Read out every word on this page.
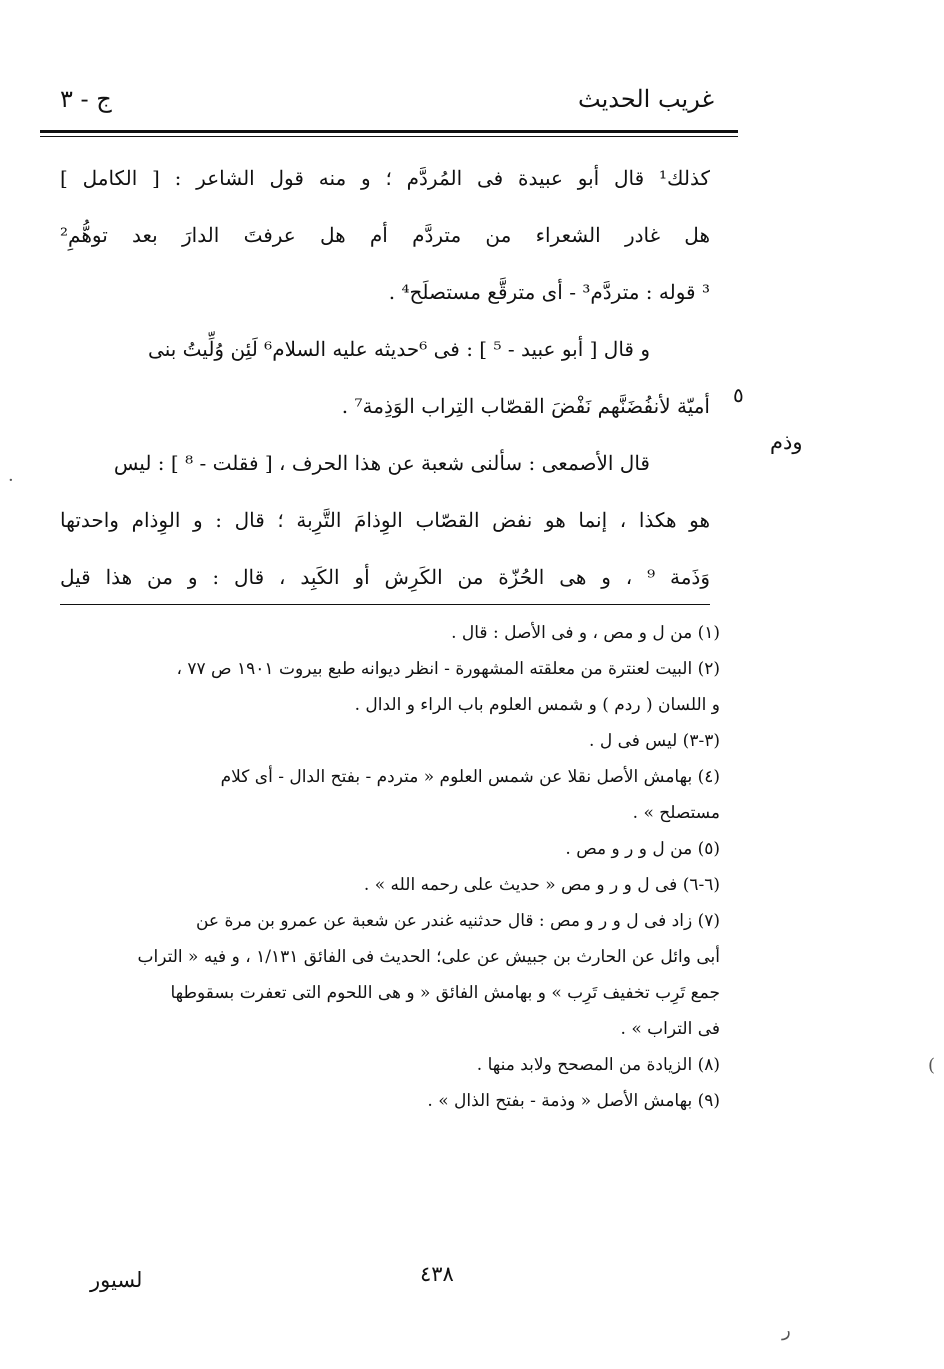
غريب الحديث
ج - ٣
كذلك¹ قال أبو عبيدة فى المُردَّم ؛ و منه قول الشاعر : [ الكامل ]
هل غادر الشعراء من متردَّم أم هل عرفتَ الدارَ بعد توهُّمِ²
³ قوله : متردَّم³ - أى مترقَّع مستصلَح⁴ .
و قال [ أبو عبيد - ⁵ ] : فى ⁶حديثه عليه السلام⁶ لَئِن وُلِّيتُ بنى
أميّة لأنفُضَنَّهم نَفْضَ القصّاب التِراب الوَذِمة⁷ .
قال الأصمعى : سألنى شعبة عن هذا الحرف ، [ فقلت - ⁸ ] : ليس
هو هكذا ، إنما هو نفض القصّاب الوِذامَ التَّرِبة ؛ قال : و الوِذام واحدتها
وَذَمة ⁹ ، و هى الحُزّة من الكَرِش أو الكَبِد ، قال : و من هذا قيل
٥
وذم
(١) من ل و مص ، و فى الأصل : قال .
(٢) البيت لعنترة من معلقته المشهورة - انظر ديوانه طبع بيروت ١٩٠١ ص ٧٧ ،
و اللسان ( ردم ) و شمس العلوم باب الراء و الدال .
(٣-٣) ليس فى ل .
(٤) بهامش الأصل نقلا عن شمس العلوم « متردم - بفتح الدال - أى كلام
مستصلح » .
(٥) من ل و ر و مص .
(٦-٦) فى ل و ر و مص « حديث على رحمه الله » .
(٧) زاد فى ل و ر و مص : قال حدثنيه غندر عن شعبة عن عمرو بن مرة عن
أبى وائل عن الحارث بن جبيش عن على؛ الحديث فى الفائق ١/١٣١ ، و فيه « التراب
جمع تَرِب تخفيف تَرِب » و بهامش الفائق « و هى اللحوم التى تعفرت بسقوطها
فى التراب » .
(٨) الزيادة من المصحح ولابد منها .
(٩) بهامش الأصل « وذمة - بفتح الذال » .
لسيور	٤٣٨
·
(
ﺭ
